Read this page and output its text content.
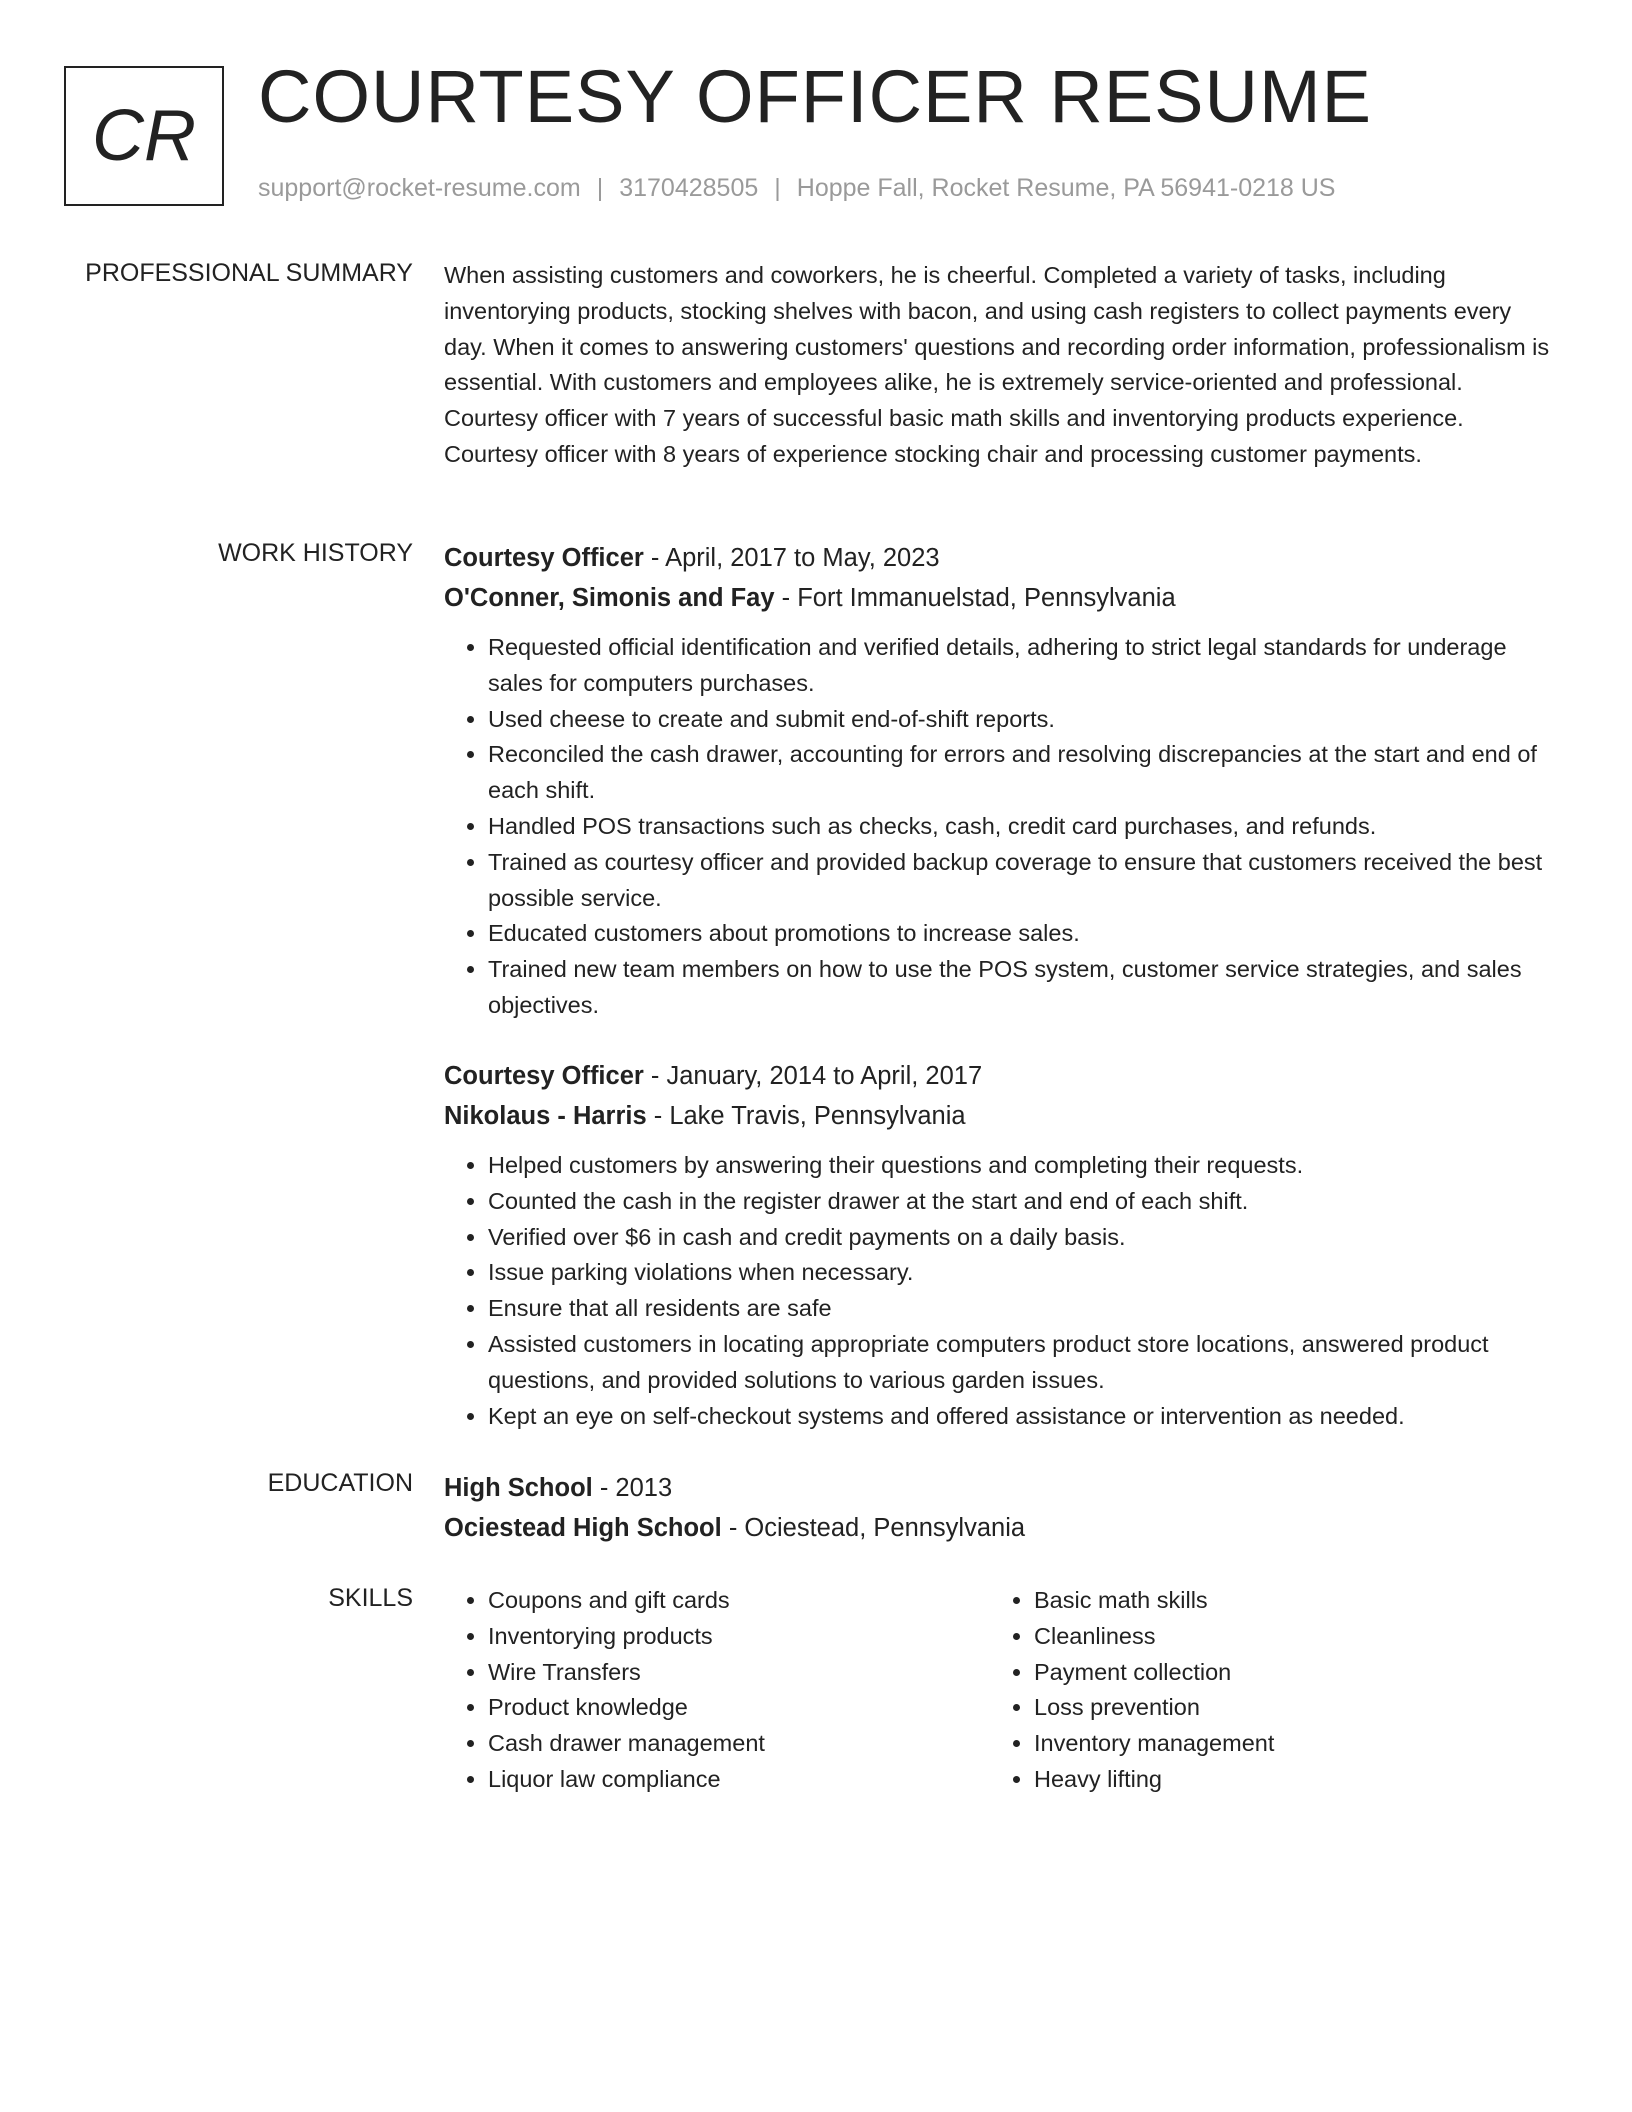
CR COURTESY OFFICER RESUME
support@rocket-resume.com | 3170428505 | Hoppe Fall, Rocket Resume, PA 56941-0218 US
PROFESSIONAL SUMMARY When assisting customers and coworkers, he is cheerful. Completed a variety of tasks, including inventorying products, stocking shelves with bacon, and using cash registers to collect payments every day. When it comes to answering customers' questions and recording order information, professionalism is essential. With customers and employees alike, he is extremely service-oriented and professional. Courtesy officer with 7 years of successful basic math skills and inventorying products experience. Courtesy officer with 8 years of experience stocking chair and processing customer payments.

WORK HISTORY Courtesy Officer - April, 2017 to May, 2023
O'Conner, Simonis and Fay - Fort Immanuelstad, Pennsylvania
• Requested official identification and verified details, adhering to strict legal standards for underage sales for computers purchases.
• Used cheese to create and submit end-of-shift reports.
• Reconciled the cash drawer, accounting for errors and resolving discrepancies at the start and end of each shift.
• Handled POS transactions such as checks, cash, credit card purchases, and refunds.
• Trained as courtesy officer and provided backup coverage to ensure that customers received the best possible service.
• Educated customers about promotions to increase sales.
• Trained new team members on how to use the POS system, customer service strategies, and sales objectives.
Courtesy Officer - January, 2014 to April, 2017
Nikolaus - Harris - Lake Travis, Pennsylvania
• Helped customers by answering their questions and completing their requests.
• Counted the cash in the register drawer at the start and end of each shift.
• Verified over $6 in cash and credit payments on a daily basis.
• Issue parking violations when necessary.
• Ensure that all residents are safe
• Assisted customers in locating appropriate computers product store locations, answered product questions, and provided solutions to various garden issues.
• Kept an eye on self-checkout systems and offered assistance or intervention as needed.
EDUCATION High School - 2013
Ociestead High School - Ociestead, Pennsylvania
SKILLS
•	Coupons and gift cards
• Inventorying products
• Wire Transfers
• Product knowledge
• Cash drawer management
• Liquor law compliance
• Basic math skills
• Cleanliness
• Payment collection
• Loss prevention
• Inventory management
• Heavy lifting
